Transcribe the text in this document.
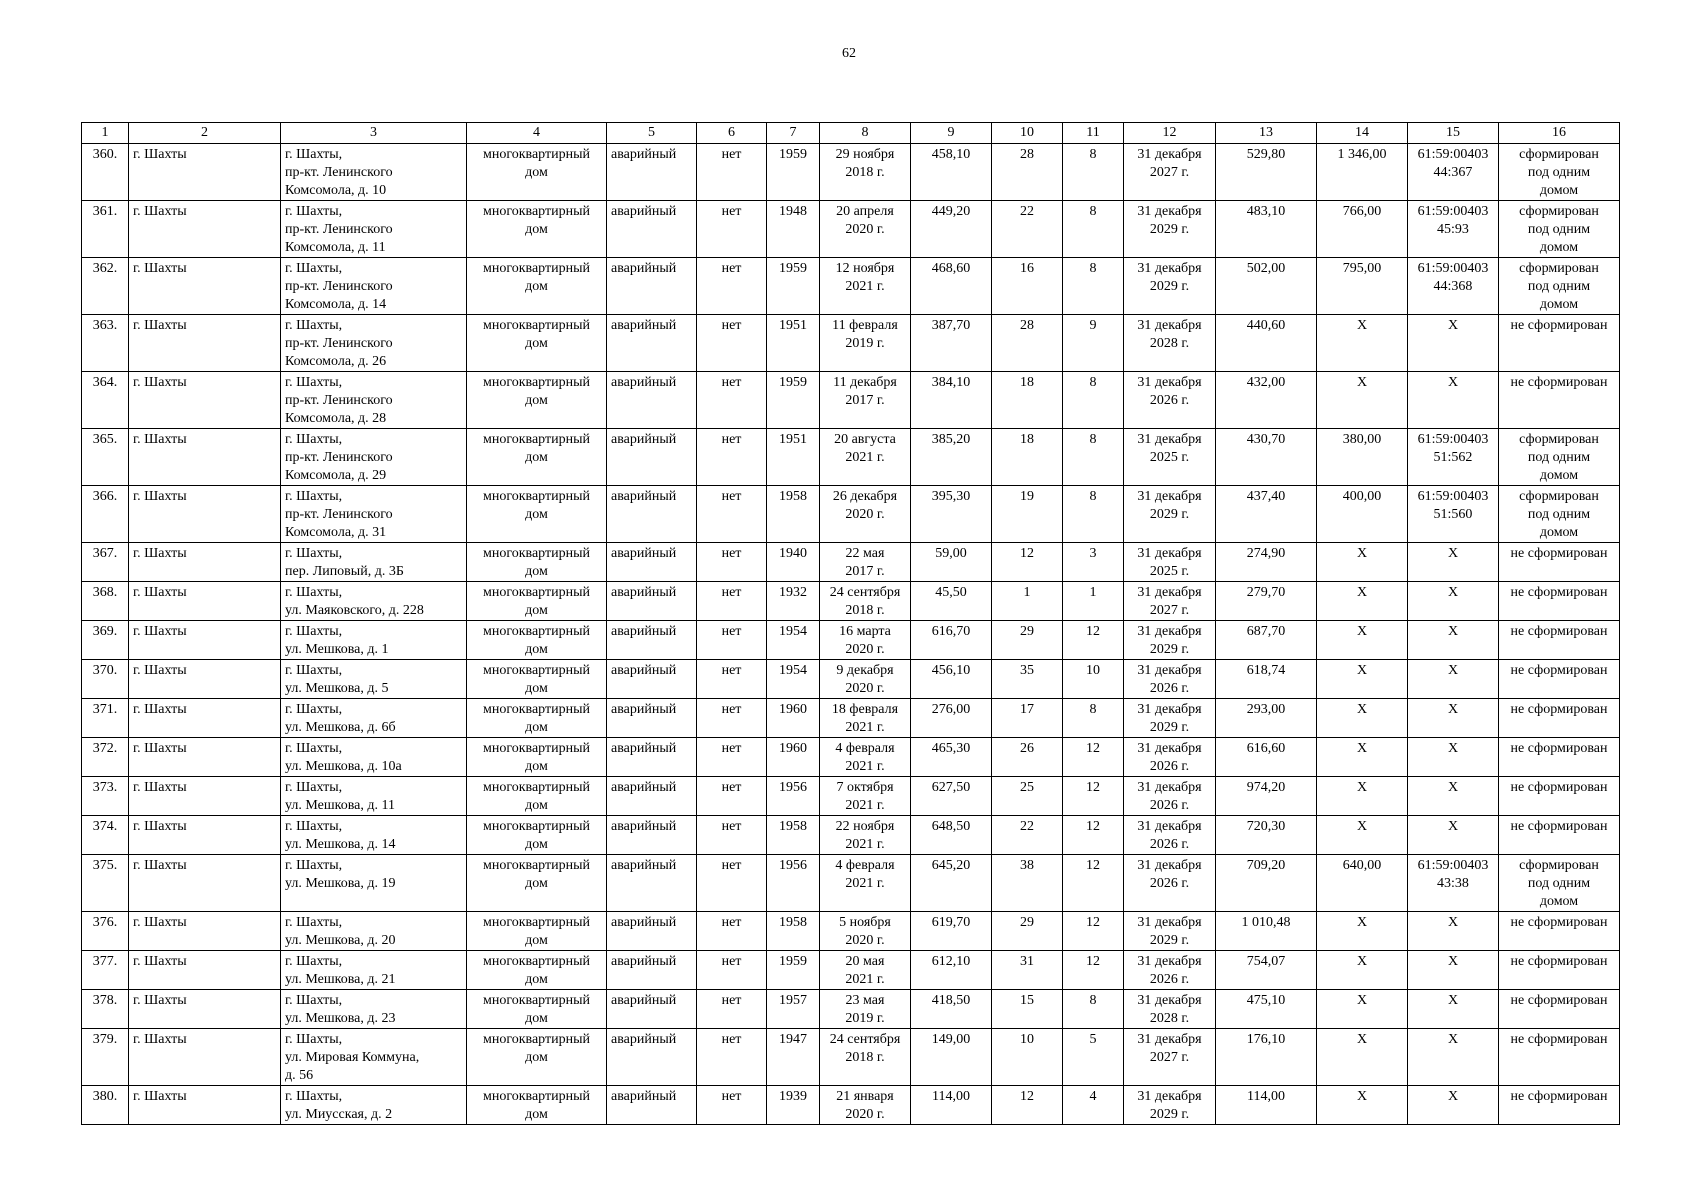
62
1	2	3	4	5	6	7	8	9	10	11	12	13	14	15	16
360.	г. Шахты	г. Шахты,
пр-кт. Ленинского
Комсомола, д. 10	многоквартирный
дом	аварийный	нет	1959	29 ноября
2018 г.	458,10	28	8	31 декабря
2027 г.	529,80	1 346,00	61:59:00403
44:367	сформирован
под одним
домом
361.	г. Шахты	г. Шахты,
пр-кт. Ленинского
Комсомола, д. 11	многоквартирный
дом	аварийный	нет	1948	20 апреля
2020 г.	449,20	22	8	31 декабря
2029 г.	483,10	766,00	61:59:00403
45:93	сформирован
под одним
домом
362.	г. Шахты	г. Шахты,
пр-кт. Ленинского
Комсомола, д. 14	многоквартирный
дом	аварийный	нет	1959	12 ноября
2021 г.	468,60	16	8	31 декабря
2029 г.	502,00	795,00	61:59:00403
44:368	сформирован
под одним
домом
363.	г. Шахты	г. Шахты,
пр-кт. Ленинского
Комсомола, д. 26	многоквартирный
дом	аварийный	нет	1951	11 февраля
2019 г.	387,70	28	9	31 декабря
2028 г.	440,60	X	X	не сформирован
364.	г. Шахты	г. Шахты,
пр-кт. Ленинского
Комсомола, д. 28	многоквартирный
дом	аварийный	нет	1959	11 декабря
2017 г.	384,10	18	8	31 декабря
2026 г.	432,00	X	X	не сформирован
365.	г. Шахты	г. Шахты,
пр-кт. Ленинского
Комсомола, д. 29	многоквартирный
дом	аварийный	нет	1951	20 августа
2021 г.	385,20	18	8	31 декабря
2025 г.	430,70	380,00	61:59:00403
51:562	сформирован
под одним
домом
366.	г. Шахты	г. Шахты,
пр-кт. Ленинского
Комсомола, д. 31	многоквартирный
дом	аварийный	нет	1958	26 декабря
2020 г.	395,30	19	8	31 декабря
2029 г.	437,40	400,00	61:59:00403
51:560	сформирован
под одним
домом
367.	г. Шахты	г. Шахты,
пер. Липовый, д. 3Б	многоквартирный
дом	аварийный	нет	1940	22 мая
2017 г.	59,00	12	3	31 декабря
2025 г.	274,90	X	X	не сформирован
368.	г. Шахты	г. Шахты,
ул. Маяковского, д. 228	многоквартирный
дом	аварийный	нет	1932	24 сентября
2018 г.	45,50	1	1	31 декабря
2027 г.	279,70	X	X	не сформирован
369.	г. Шахты	г. Шахты,
ул. Мешкова, д. 1	многоквартирный
дом	аварийный	нет	1954	16 марта
2020 г.	616,70	29	12	31 декабря
2029 г.	687,70	X	X	не сформирован
370.	г. Шахты	г. Шахты,
ул. Мешкова, д. 5	многоквартирный
дом	аварийный	нет	1954	9 декабря
2020 г.	456,10	35	10	31 декабря
2026 г.	618,74	X	X	не сформирован
371.	г. Шахты	г. Шахты,
ул. Мешкова, д. 6б	многоквартирный
дом	аварийный	нет	1960	18 февраля
2021 г.	276,00	17	8	31 декабря
2029 г.	293,00	X	X	не сформирован
372.	г. Шахты	г. Шахты,
ул. Мешкова, д. 10а	многоквартирный
дом	аварийный	нет	1960	4 февраля
2021 г.	465,30	26	12	31 декабря
2026 г.	616,60	X	X	не сформирован
373.	г. Шахты	г. Шахты,
ул. Мешкова, д. 11	многоквартирный
дом	аварийный	нет	1956	7 октября
2021 г.	627,50	25	12	31 декабря
2026 г.	974,20	X	X	не сформирован
374.	г. Шахты	г. Шахты,
ул. Мешкова, д. 14	многоквартирный
дом	аварийный	нет	1958	22 ноября
2021 г.	648,50	22	12	31 декабря
2026 г.	720,30	X	X	не сформирован
375.	г. Шахты	г. Шахты,
ул. Мешкова, д. 19	многоквартирный
дом	аварийный	нет	1956	4 февраля
2021 г.	645,20	38	12	31 декабря
2026 г.	709,20	640,00	61:59:00403
43:38	сформирован
под одним
домом
376.	г. Шахты	г. Шахты,
ул. Мешкова, д. 20	многоквартирный
дом	аварийный	нет	1958	5 ноября
2020 г.	619,70	29	12	31 декабря
2029 г.	1 010,48	X	X	не сформирован
377.	г. Шахты	г. Шахты,
ул. Мешкова, д. 21	многоквартирный
дом	аварийный	нет	1959	20 мая
2021 г.	612,10	31	12	31 декабря
2026 г.	754,07	X	X	не сформирован
378.	г. Шахты	г. Шахты,
ул. Мешкова, д. 23	многоквартирный
дом	аварийный	нет	1957	23 мая
2019 г.	418,50	15	8	31 декабря
2028 г.	475,10	X	X	не сформирован
379.	г. Шахты	г. Шахты,
ул. Мировая Коммуна,
д. 56	многоквартирный
дом	аварийный	нет	1947	24 сентября
2018 г.	149,00	10	5	31 декабря
2027 г.	176,10	X	X	не сформирован
380.	г. Шахты	г. Шахты,
ул. Миусская, д. 2	многоквартирный
дом	аварийный	нет	1939	21 января
2020 г.	114,00	12	4	31 декабря
2029 г.	114,00	X	X	не сформирован
